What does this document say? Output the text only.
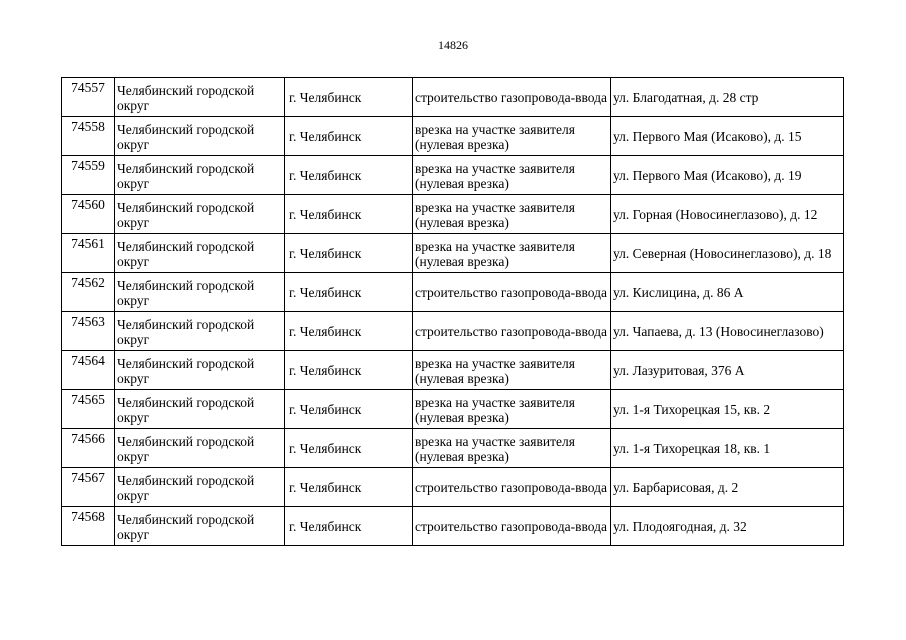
14826
74557	Челябинский городской округ	г. Челябинск	строительство газопровода-ввода	ул. Благодатная, д. 28 стр
74558	Челябинский городской округ	г. Челябинск	врезка на участке заявителя (нулевая врезка)	ул. Первого Мая (Исаково), д. 15
74559	Челябинский городской округ	г. Челябинск	врезка на участке заявителя (нулевая врезка)	ул. Первого Мая (Исаково), д. 19
74560	Челябинский городской округ	г. Челябинск	врезка на участке заявителя (нулевая врезка)	ул. Горная (Новосинеглазово), д. 12
74561	Челябинский городской округ	г. Челябинск	врезка на участке заявителя (нулевая врезка)	ул. Северная (Новосинеглазово), д. 18
74562	Челябинский городской округ	г. Челябинск	строительство газопровода-ввода	ул. Кислицина, д. 86 А
74563	Челябинский городской округ	г. Челябинск	строительство газопровода-ввода	ул. Чапаева, д. 13 (Новосинеглазово)
74564	Челябинский городской округ	г. Челябинск	врезка на участке заявителя (нулевая врезка)	ул. Лазуритовая, 376 А
74565	Челябинский городской округ	г. Челябинск	врезка на участке заявителя (нулевая врезка)	ул. 1-я Тихорецкая 15, кв. 2
74566	Челябинский городской округ	г. Челябинск	врезка на участке заявителя (нулевая врезка)	ул. 1-я Тихорецкая 18, кв. 1
74567	Челябинский городской округ	г. Челябинск	строительство газопровода-ввода	ул. Барбарисовая, д. 2
74568	Челябинский городской округ	г. Челябинск	строительство газопровода-ввода	ул. Плодоягодная, д. 32
